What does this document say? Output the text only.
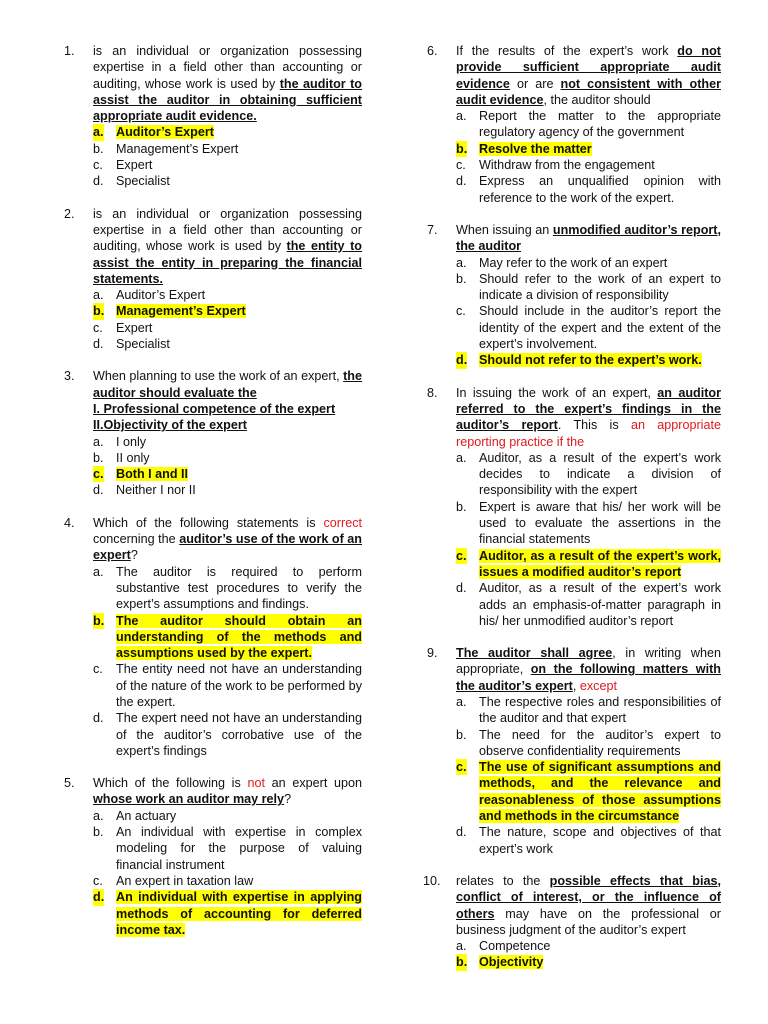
1.	is an individual or organization possessing expertise in a field other than accounting or auditing, whose work is used by the auditor to assist the auditor in obtaining sufficient appropriate audit evidence.
a. Auditor’s Expert
b. Management’s Expert
c. Expert
d. Specialist
2.	is an individual or organization possessing expertise in a field other than accounting or auditing, whose work is used by the entity to assist the entity in preparing the financial statements.
a. Auditor’s Expert
b. Management’s Expert
c. Expert
d. Specialist
3.	When planning to use the work of an expert, the auditor should evaluate the
I. Professional competence of the expert
II.Objectivity of the expert
a. I only
b. II only
c. Both I and II
d. Neither I nor II
4.	Which of the following statements is correct concerning the auditor’s use of the work of an expert?
a. The auditor is required to perform substantive test procedures to verify the expert’s assumptions and findings.
b. The auditor should obtain an understanding of the methods and assumptions used by the expert.
c. The entity need not have an understanding of the nature of the work to be performed by the expert.
d. The expert need not have an understanding of the auditor’s corrobative use of the expert’s findings
5.	Which of the following is not an expert upon whose work an auditor may rely?
a. An actuary
b. An individual with expertise in complex modeling for the purpose of valuing financial instrument
c. An expert in taxation law
d. An individual with expertise in applying methods of accounting for deferred income tax.
6.	If the results of the expert’s work do not provide sufficient appropriate audit evidence or are not consistent with other audit evidence, the auditor should
a. Report the matter to the appropriate regulatory agency of the government
b. Resolve the matter
c. Withdraw from the engagement
d. Express an unqualified opinion with reference to the work of the expert.
7.	When issuing an unmodified auditor’s report, the auditor
a. May refer to the work of an expert
b. Should refer to the work of an expert to indicate a division of responsibility
c. Should include in the auditor’s report the identity of the expert and the extent of the expert’s involvement.
d. Should not refer to the expert’s work.
8.	In issuing the work of an expert, an auditor referred to the expert’s findings in the auditor’s report. This is an appropriate reporting practice if the
a. Auditor, as a result of the expert’s work decides to indicate a division of responsibility with the expert
b. Expert is aware that his/ her work will be used to evaluate the assertions in the financial statements
c. Auditor, as a result of the expert’s work, issues a modified auditor’s report
d. Auditor, as a result of the expert’s work adds an emphasis-of-matter paragraph in his/ her unmodified auditor’s report
9.	The auditor shall agree, in writing when appropriate, on the following matters with the auditor’s expert, except
a. The respective roles and responsibilities of the auditor and that expert
b. The need for the auditor’s expert to observe confidentiality requirements
c. The use of significant assumptions and methods, and the relevance and reasonableness of those assumptions and methods in the circumstance
d. The nature, scope and objectives of that expert’s work
10.	relates to the possible effects that bias, conflict of interest, or the influence of others may have on the professional or business judgment of the auditor’s expert
a. Competence
b. Objectivity
